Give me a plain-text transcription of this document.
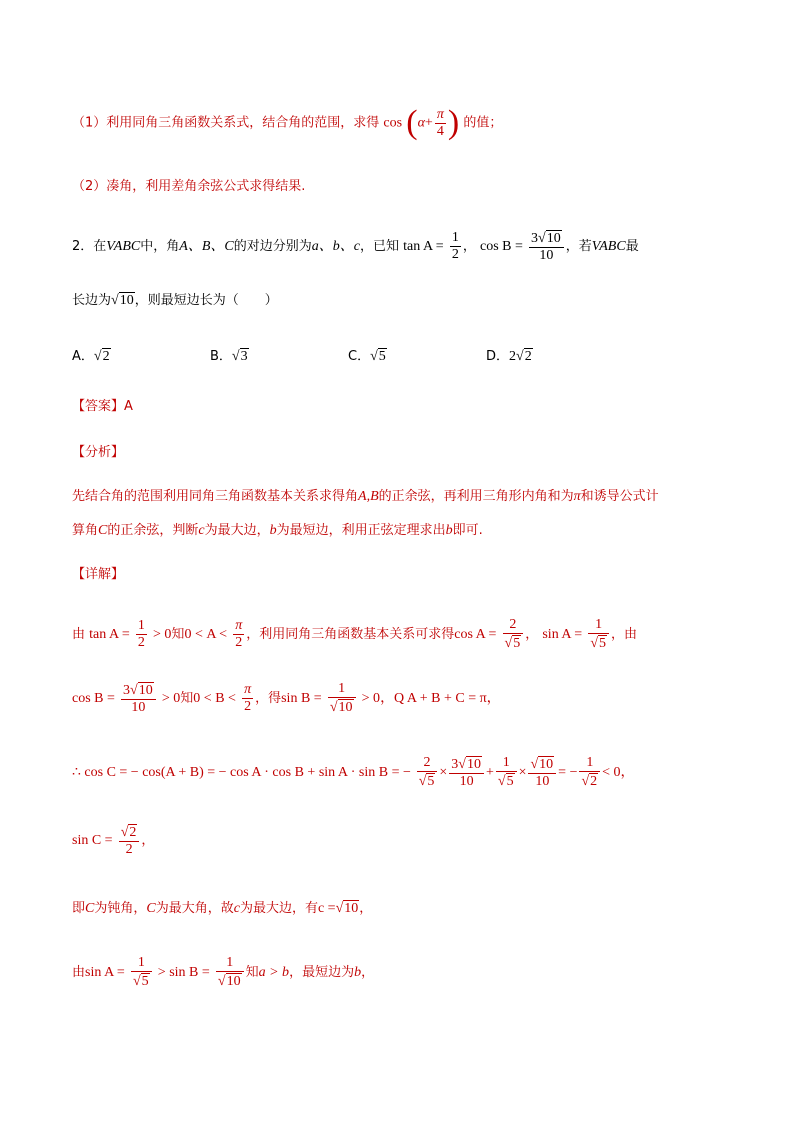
（1）利用同角三角函数关系式，结合角的范围，求得 $\cos (\alpha+ \frac{\pi}{4}$ ) 的值；
（2）凑角，利用差角余弦公式求得结果.
2．在VABC中，角A、B、C的对边分别为a、b、c，已知 $\tan A = \frac{1}{2}$ ， $\cos B = \frac{3√10}{10}$ ，若VABC最
长边为√10，则最短边长为（　　）
A．√2	B．√3	C．√5	D．2√2
【答案】A
【分析】
先结合角的范围利用同角三角函数基本关系求得角A,B的正余弦，再利用三角形内角和为π和诱导公式计
算角C的正余弦，判断c为最大边，b为最短边，利用正弦定理求出b即可.
【详解】
由 $\tan A = \frac{1}{2} > 0$知$0 < A < \frac{\pi}{2}$ ，利用同角三角函数基本关系可求得$\cos A = \frac{2}{√5}$ ， $\sin A = \frac{1}{√5}$ ，由
$\cos B = \frac{3√10}{10} > 0$知$0 < B < \frac{\pi}{2}$ ，得$\sin B = \frac{1}{√10} > 0$，Q A + B + C = π，
∴ cos C = − cos(A + B) = − cos A · cos B + sin A · sin B = − $\frac{2}{√5} \times \frac{3√10}{10} + \frac{1}{√5} \times \frac{√10}{10}$ = − $\frac{1}{√2} < 0$，
$\sin C = \frac{√2}{2}$ ，
即C为钝角，C为最大角，故c为最大边，有c =√10，
由$\sin A = \frac{1}{√5} > \sin B = \frac{1}{√10}$ 知a > b，最短边为b，
